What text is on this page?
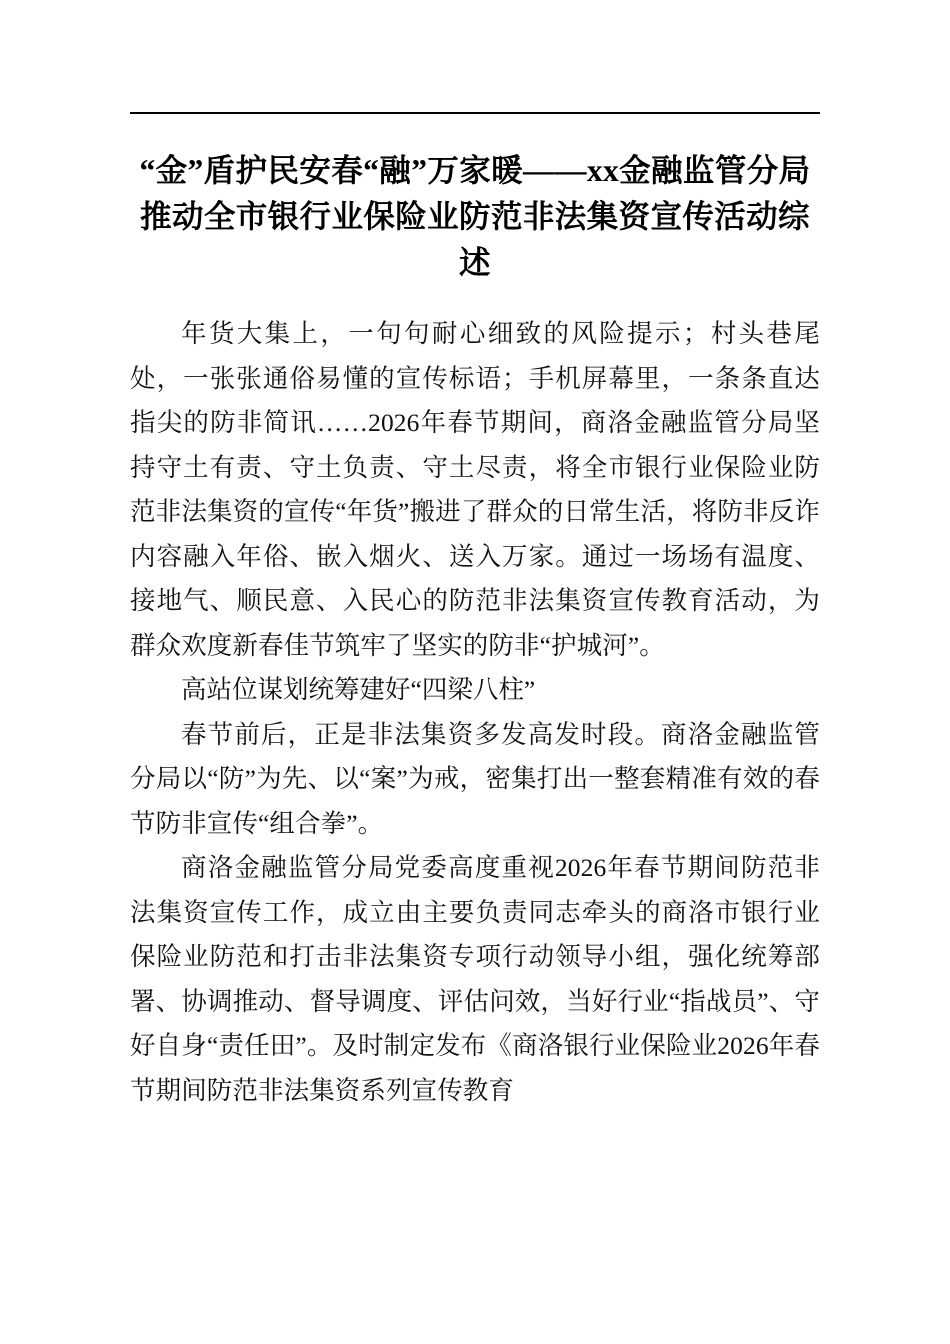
“金”盾护民安春“融”万家暖——xx金融监管分局推动全市银行业保险业防范非法集资宣传活动综述

年货大集上，一句句耐心细致的风险提示；村头巷尾处，一张张通俗易懂的宣传标语；手机屏幕里，一条条直达指尖的防非简讯……2026年春节期间，商洛金融监管分局坚持守土有责、守土负责、守土尽责，将全市银行业保险业防范非法集资的宣传“年货”搬进了群众的日常生活，将防非反诈内容融入年俗、嵌入烟火、送入万家。通过一场场有温度、接地气、顺民意、入民心的防范非法集资宣传教育活动，为群众欢度新春佳节筑牢了坚实的防非“护城河”。

高站位谋划统筹建好“四梁八柱”

春节前后，正是非法集资多发高发时段。商洛金融监管分局以“防”为先、以“案”为戒，密集打出一整套精准有效的春节防非宣传“组合拳”。

商洛金融监管分局党委高度重视2026年春节期间防范非法集资宣传工作，成立由主要负责同志牵头的商洛市银行业保险业防范和打击非法集资专项行动领导小组，强化统筹部署、协调推动、督导调度、评估问效，当好行业“指战员”、守好自身“责任田”。及时制定发布《商洛银行业保险业2026年春节期间防范非法集资系列宣传教育
